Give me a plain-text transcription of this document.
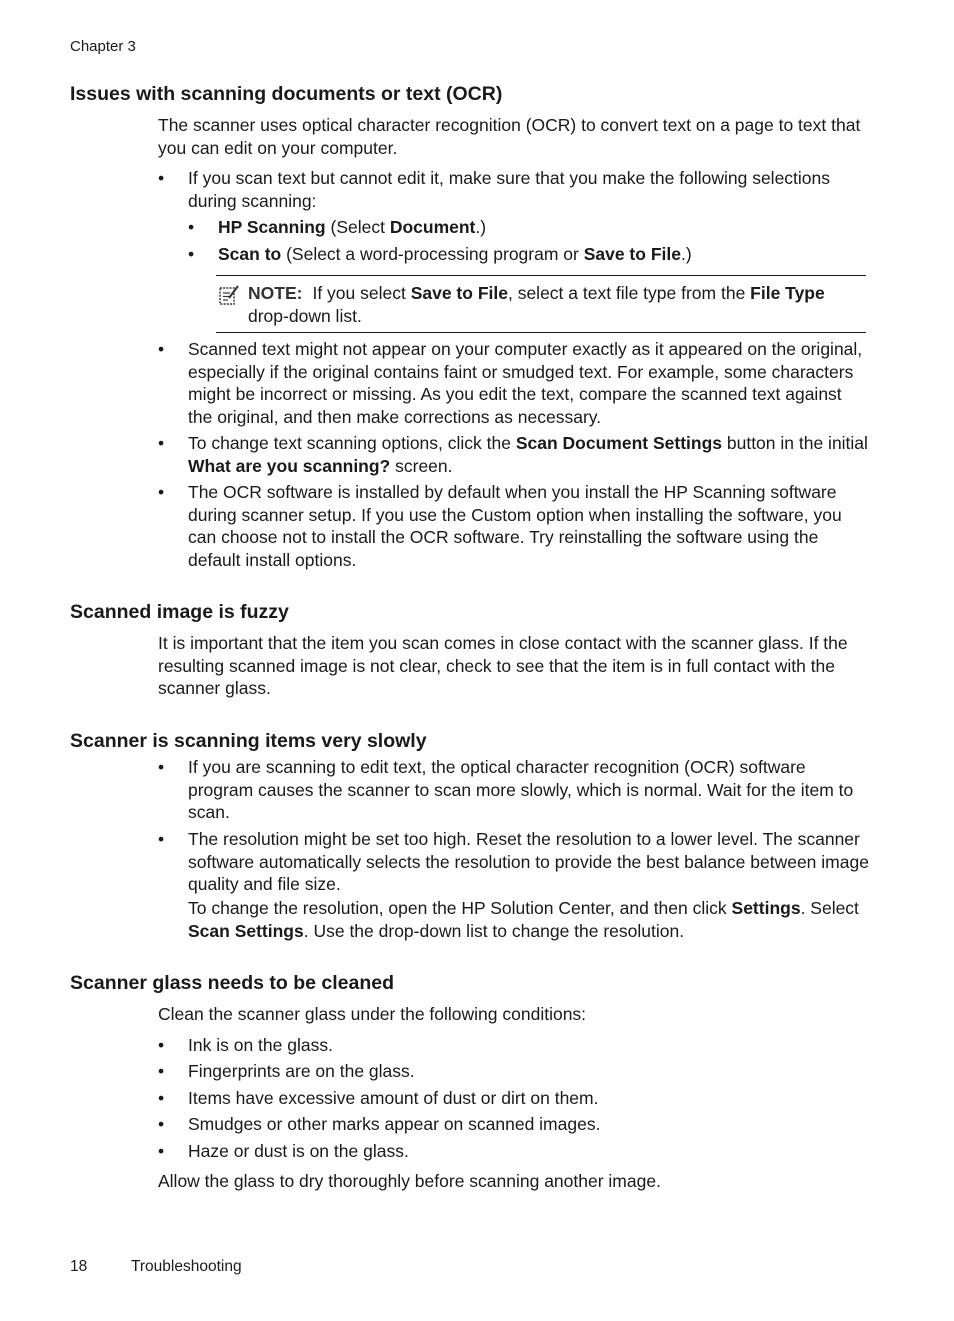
Chapter 3
Issues with scanning documents or text (OCR)

The scanner uses optical character recognition (OCR) to convert text on a page to text that you can edit on your computer.

• If you scan text but cannot edit it, make sure that you make the following selections during scanning:
• HP Scanning (Select Document.)
• Scan to (Select a word-processing program or Save to File.)
NOTE: If you select Save to File, select a text file type from the File Type drop-down list.
• Scanned text might not appear on your computer exactly as it appeared on the original, especially if the original contains faint or smudged text. For example, some characters might be incorrect or missing. As you edit the text, compare the scanned text against the original, and then make corrections as necessary.
• To change text scanning options, click the Scan Document Settings button in the initial What are you scanning? screen.
• The OCR software is installed by default when you install the HP Scanning software during scanner setup. If you use the Custom option when installing the software, you can choose not to install the OCR software. Try reinstalling the software using the default install options.
Scanned image is fuzzy

It is important that the item you scan comes in close contact with the scanner glass. If the resulting scanned image is not clear, check to see that the item is in full contact with the scanner glass.

Scanner is scanning items very slowly
• If you are scanning to edit text, the optical character recognition (OCR) software program causes the scanner to scan more slowly, which is normal. Wait for the item to scan.
• The resolution might be set too high. Reset the resolution to a lower level. The scanner software automatically selects the resolution to provide the best balance between image quality and file size.
To change the resolution, open the HP Solution Center, and then click Settings. Select Scan Settings. Use the drop-down list to change the resolution.
Scanner glass needs to be cleaned

Clean the scanner glass under the following conditions:

• Ink is on the glass.
• Fingerprints are on the glass.
• Items have excessive amount of dust or dirt on them.
• Smudges or other marks appear on scanned images.
• Haze or dust is on the glass.

Allow the glass to dry thoroughly before scanning another image.

18	Troubleshooting
